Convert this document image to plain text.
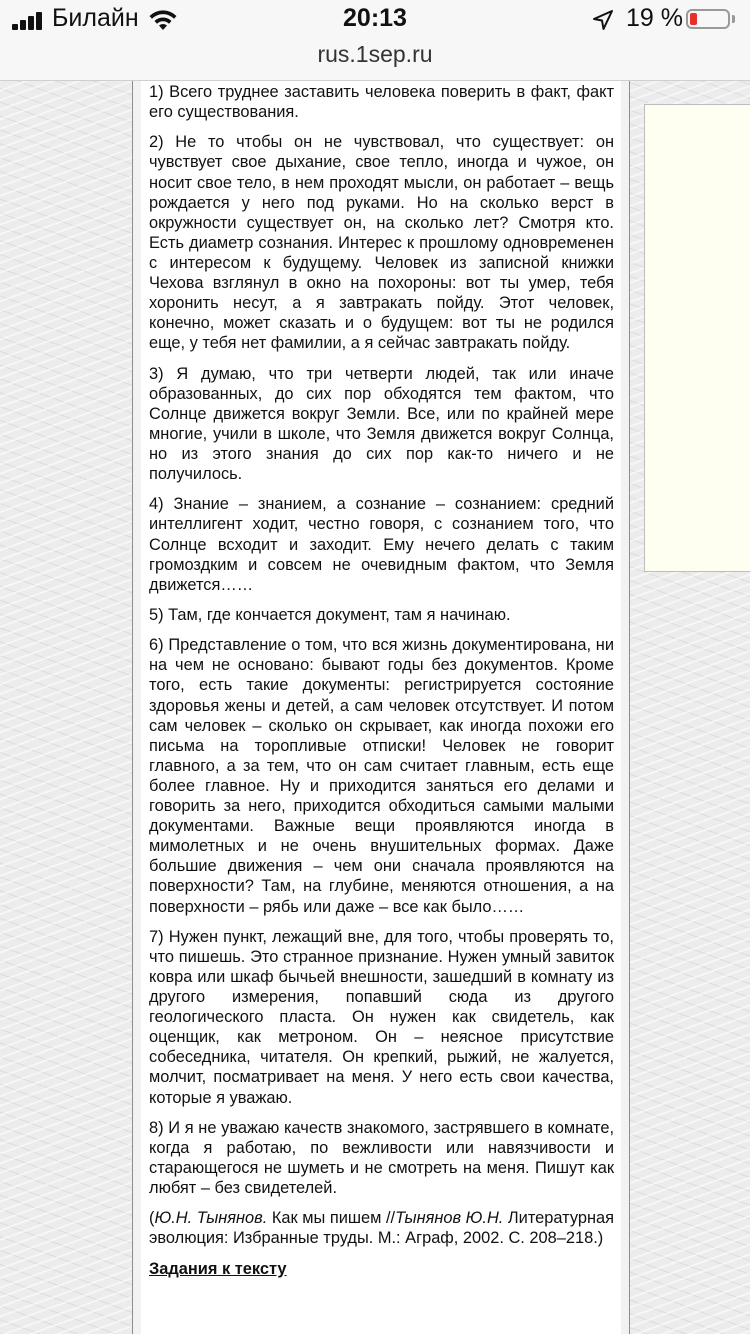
Билайн	20:13	19 %
rus.1sep.ru

1) Всего труднее заставить человека поверить в факт, факт его существования.

2) Не то чтобы он не чувствовал, что существует: он чувствует свое дыхание, свое тепло, иногда и чужое, он носит свое тело, в нем проходят мысли, он работает – вещь рождается у него под руками. Но на сколько верст в окружности существует он, на сколько лет? Смотря кто. Есть диаметр сознания. Интерес к прошлому одновременен с интересом к будущему. Человек из записной книжки Чехова взглянул в окно на похороны: вот ты умер, тебя хоронить несут, а я завтракать пойду. Этот человек, конечно, может сказать и о будущем: вот ты не родился еще, у тебя нет фамилии, а я сейчас завтракать пойду.

3) Я думаю, что три четверти людей, так или иначе образованных, до сих пор обходятся тем фактом, что Солнце движется вокруг Земли. Все, или по крайней мере многие, учили в школе, что Земля движется вокруг Солнца, но из этого знания до сих пор как-то ничего и не получилось.

4) Знание – знанием, а сознание – сознанием: средний интеллигент ходит, честно говоря, с сознанием того, что Солнце всходит и заходит. Ему нечего делать с таким громоздким и совсем не очевидным фактом, что Земля движется……

5) Там, где кончается документ, там я начинаю.

6) Представление о том, что вся жизнь документирована, ни на чем не основано: бывают годы без документов. Кроме того, есть такие документы: регистрируется состояние здоровья жены и детей, а сам человек отсутствует. И потом сам человек – сколько он скрывает, как иногда похожи его письма на торопливые отписки! Человек не говорит главного, а за тем, что он сам считает главным, есть еще более главное. Ну и приходится заняться его делами и говорить за него, приходится обходиться самыми малыми документами. Важные вещи проявляются иногда в мимолетных и не очень внушительных формах. Даже большие движения – чем они сначала проявляются на поверхности? Там, на глубине, меняются отношения, а на поверхности – рябь или даже – все как было……

7) Нужен пункт, лежащий вне, для того, чтобы проверять то, что пишешь. Это странное признание. Нужен умный завиток ковра или шкаф бычьей внешности, зашедший в комнату из другого измерения, попавший сюда из другого геологического пласта. Он нужен как свидетель, как оценщик, как метроном. Он – неясное присутствие собеседника, читателя. Он крепкий, рыжий, не жалуется, молчит, посматривает на меня. У него есть свои качества, которые я уважаю.

8) И я не уважаю качеств знакомого, застрявшего в комнате, когда я работаю, по вежливости или навязчивости и старающегося не шуметь и не смотреть на меня. Пишут как любят – без свидетелей.

(Ю.Н. Тынянов. Как мы пишем //Тынянов Ю.Н. Литературная эволюция: Избранные труды. М.: Аграф, 2002. С. 208–218.)

Задания к тексту
